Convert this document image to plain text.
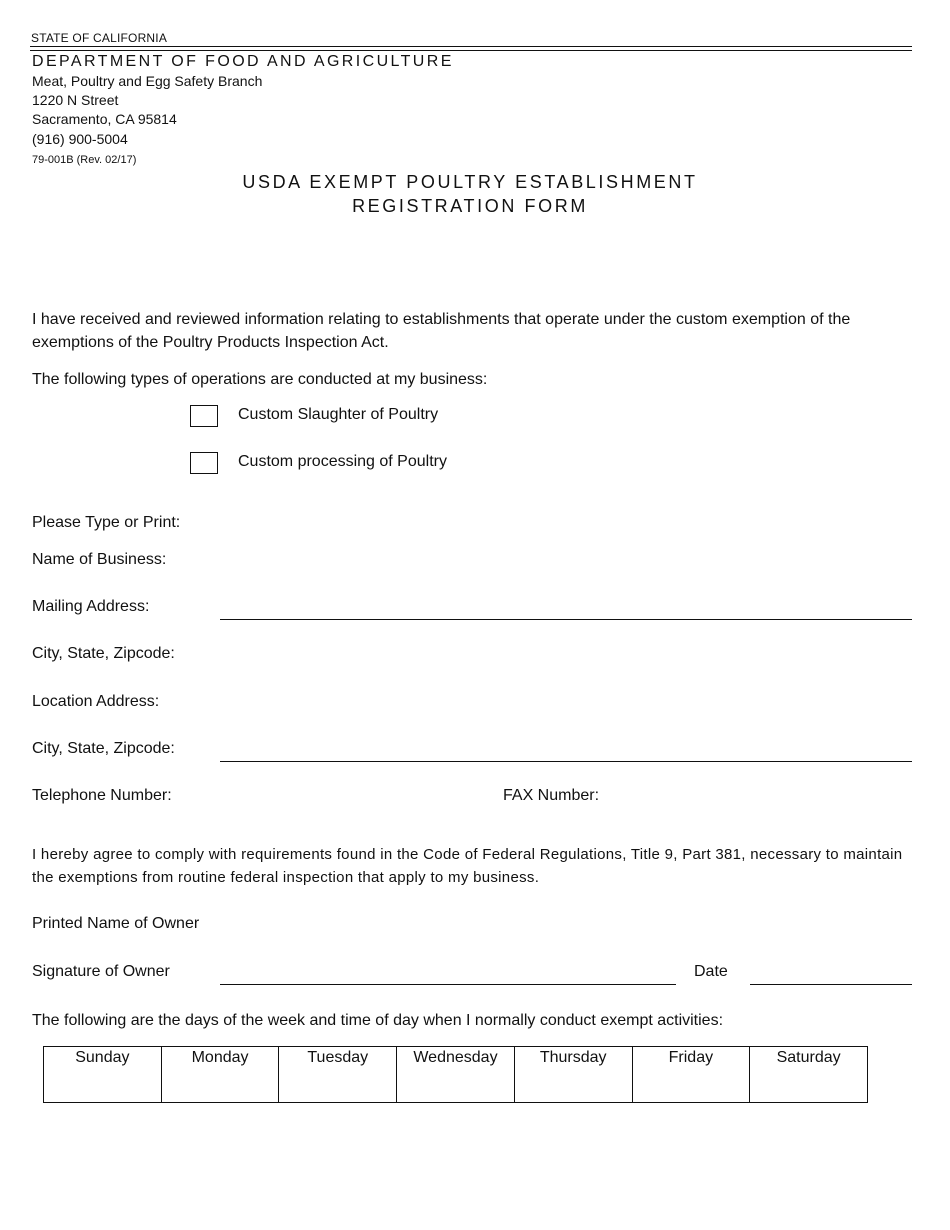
STATE OF CALIFORNIA
DEPARTMENT OF FOOD AND AGRICULTURE
Meat, Poultry and Egg Safety Branch
1220 N Street
Sacramento, CA 95814
(916) 900-5004
79-001B (Rev. 02/17)
USDA EXEMPT POULTRY ESTABLISHMENT
REGISTRATION FORM
I have received and reviewed information relating to establishments that operate under the custom exemption of the exemptions of the Poultry Products Inspection Act.
The following types of operations are conducted at my business:
Custom Slaughter of Poultry
Custom processing of Poultry
Please Type or Print:
Name of Business:
Mailing Address:
City, State, Zipcode:
Location Address:
City, State, Zipcode:
Telephone Number:	FAX Number:
I hereby agree to comply with requirements found in the Code of Federal Regulations, Title 9, Part 381, necessary to maintain the exemptions from routine federal inspection that apply to my business.
Printed Name of Owner
Signature of Owner	Date
The following are the days of the week and time of day when I normally conduct exempt activities:
Sunday	Monday	Tuesday	Wednesday	Thursday	Friday	Saturday
